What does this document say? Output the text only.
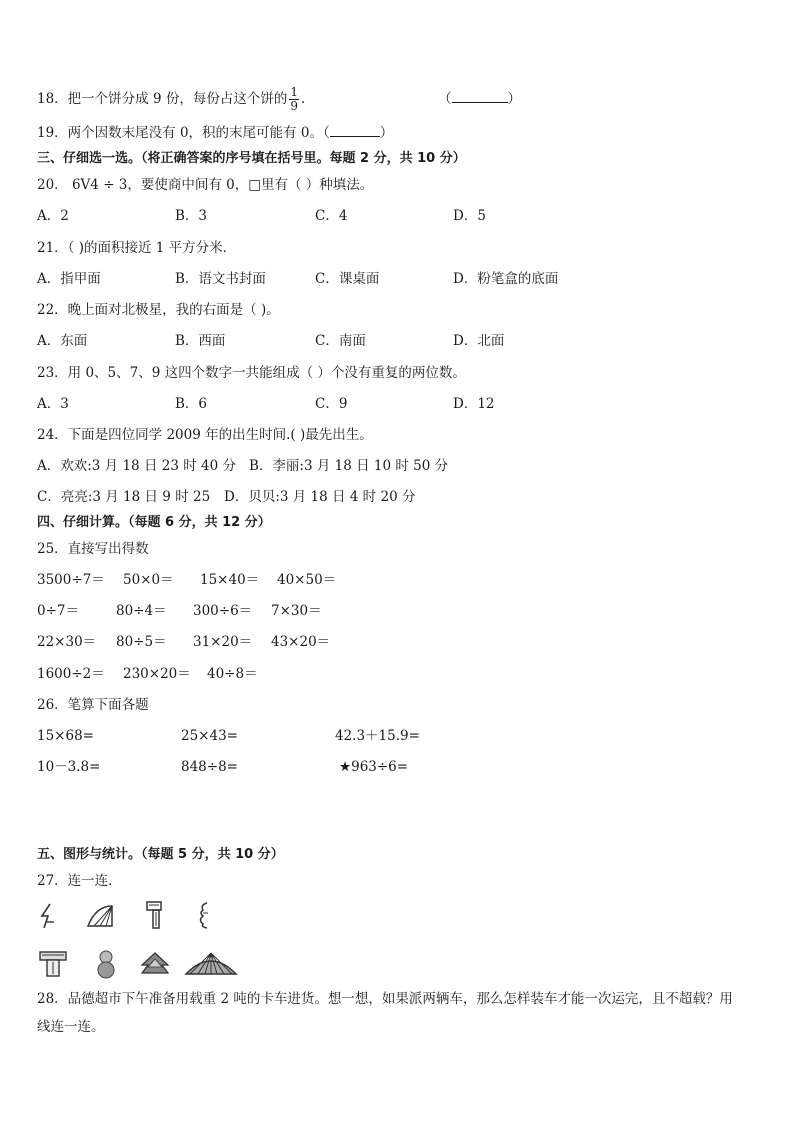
18．把一个饼分成 9 份，每份占这个饼的 $\frac{1}{9}$ ．	（	）
19．两个因数末尾没有 0，积的末尾可能有 0。（	）
三、仔细选一选。（将正确答案的序号填在括号里。每题 2 分，共 10 分）
20． 6V4 ÷ 3，要使商中间有 0，□里有（ ）种填法。
A．2	B．3	C．4	D．5
21．（ )的面积接近 1 平方分米．
A．指甲面	B．语文书封面	C．课桌面	D．粉笔盒的底面
22．晚上面对北极星，我的右面是（ )。
A．东面	B．西面	C．南面	D．北面
23．用 0、5、7、9 这四个数字一共能组成（ ）个没有重复的两位数。
A．3	B．6	C．9	D．12
24．下面是四位同学 2009 年的出生时间.( )最先出生。
A．欢欢:3 月 18 日 23 时 40 分 B．李丽:3 月 18 日 10 时 50 分
C．亮亮:3 月 18 日 9 时 25 D．贝贝:3 月 18 日 4 时 20 分
四、仔细计算。（每题 6 分，共 12 分）
25．直接写出得数
3500÷7＝ 50×0＝ 15×40＝ 40×50＝
0÷7＝	80÷4＝ 300÷6＝ 7×30＝
22×30＝ 80÷5＝ 31×20＝ 43×20＝
1600÷2＝ 230×20＝ 40÷8＝
26．笔算下面各题
15×68=	25×43=	42.3＋15.9=
10－3.8=	848÷8=	★963÷6=
五、图形与统计。（每题 5 分，共 10 分）
27．连一连．
28．品德超市下午准备用载重 2 吨的卡车进货。想一想，如果派两辆车，那么怎样装车才能一次运完，且不超载？用
线连一连。
